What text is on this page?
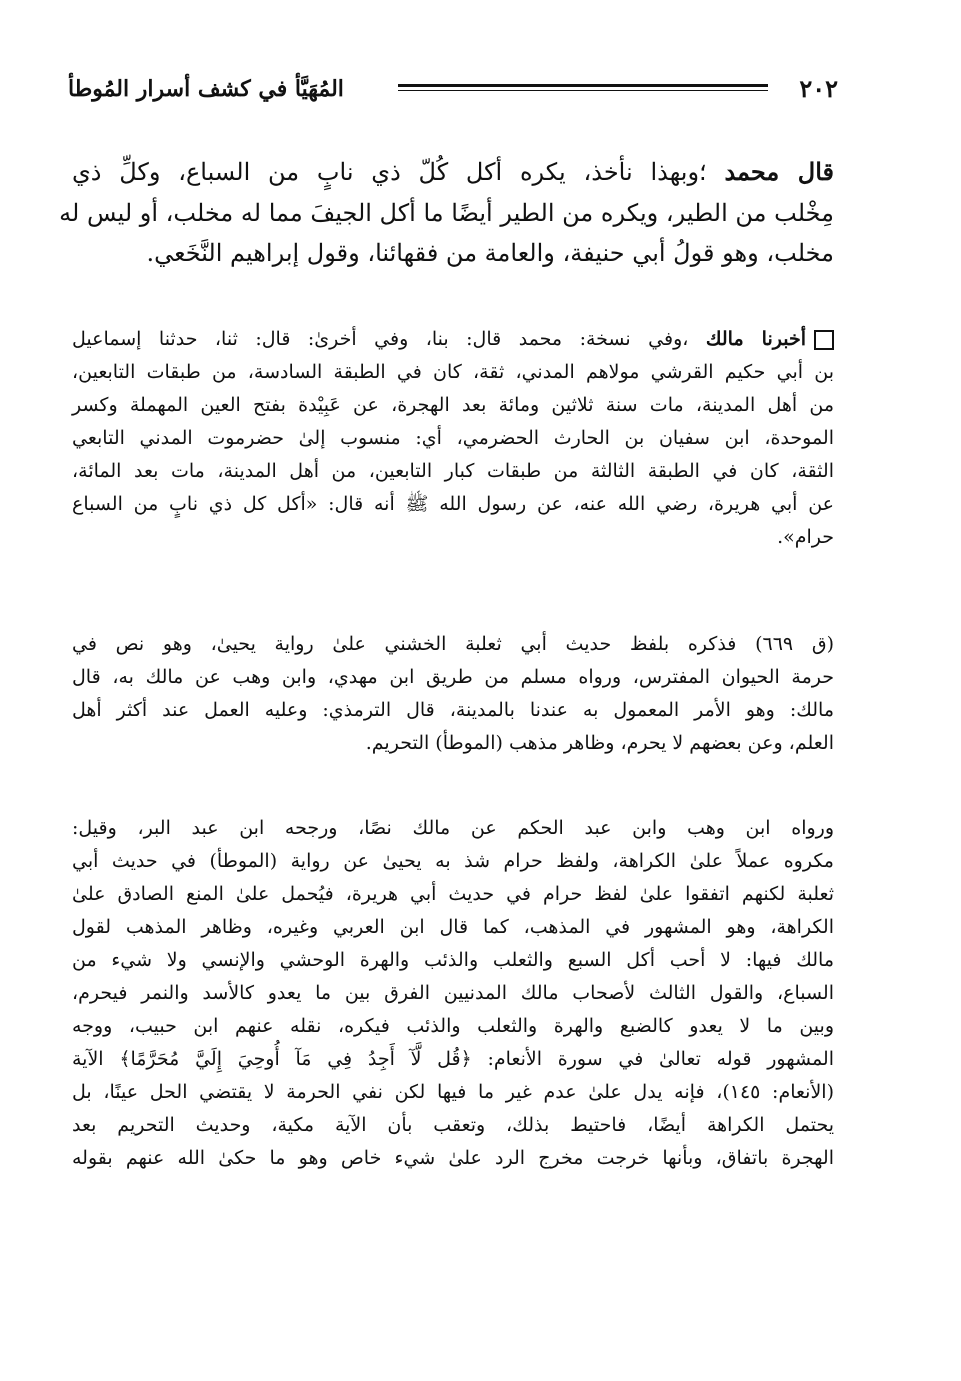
٢٠٢
المُهَيَّأ في كشف أسرار المُوطأ
قال محمد ؛وبهذا نأخذ، يكره أكل كُلّ ذي نابٍ من السباع، وكلِّ ذي
مِخْلب من الطير، ويكره من الطير أيضًا ما أكل الجيفَ مما له مخلب، أو ليس له
مخلب، وهو قولُ أبي حنيفة، والعامة من فقهائنا، وقول إبراهيم النَّخَعي.
أخبرنا مالك ،وفي نسخة: محمد قال: بنا، وفي أخرىٰ: قال: ثنا، حدثنا إسماعيل
بن أبي حكيم القرشي مولاهم المدني، ثقة، كان في الطبقة السادسة، من طبقات التابعين،
من أهل المدينة، مات سنة ثلاثين ومائة بعد الهجرة، عن عَبِيْدة بفتح العين المهملة وكسر
الموحدة، ابن سفيان بن الحارث الحضرمي، أي: منسوب إلىٰ حضرموت المدني التابعي
الثقة، كان في الطبقة الثالثة من طبقات كبار التابعين، من أهل المدينة، مات بعد المائة،
عن أبي هريرة، رضي الله عنه، عن رسول الله ﷺ أنه قال: «أكل كل ذي نابٍ من السباع
حرام».
(ق ٦٦٩) فذكره بلفظ حديث أبي ثعلبة الخشني علىٰ رواية يحيىٰ، وهو نص في
حرمة الحيوان المفترس، ورواه مسلم من طريق ابن مهدي، وابن وهب عن مالك به، قال
مالك: وهو الأمر المعمول به عندنا بالمدينة، قال الترمذي: وعليه العمل عند أكثر أهل
العلم، وعن بعضهم لا يحرم، وظاهر مذهب (الموطأ) التحريم.
ورواه ابن وهب وابن عبد الحكم عن مالك نصًا، ورجحه ابن عبد البر، وقيل:
مكروه عملاً علىٰ الكراهة، ولفظ حرام شذ به يحيىٰ عن رواية (الموطأ) في حديث أبي
ثعلبة لكنهم اتفقوا علىٰ لفظ حرام في حديث أبي هريرة، فيُحمل علىٰ المنع الصادق علىٰ
الكراهة، وهو المشهور في المذهب، كما قال ابن العربي وغيره، وظاهر المذهب لقول
مالك فيها: لا أحب أكل السبع والثعلب والذئب والهرة الوحشي والإنسي ولا شيء من
السباع، والقول الثالث لأصحاب مالك المدنيين الفرق بين ما يعدو كالأسد والنمر فيحرم،
وبين ما لا يعدو كالضبع والهرة والثعلب والذئب فيكره، نقله عنهم ابن حبيب، ووجه
المشهور قوله تعالىٰ في سورة الأنعام: ﴿قُل لَّآ أَجِدُ فِي مَآ أُوحِيَ إِلَيَّ مُحَرَّمًا﴾ الآية
(الأنعام: ١٤٥)، فإنه يدل علىٰ عدم غير ما فيها لكن نفي الحرمة لا يقتضي الحل عينًا، بل
يحتمل الكراهة أيضًا، فاحتيط بذلك، وتعقب بأن الآية مكية، وحديث التحريم بعد
الهجرة باتفاق، وبأنها خرجت مخرج الرد علىٰ شيء خاص وهو ما حكىٰ الله عنهم بقوله
